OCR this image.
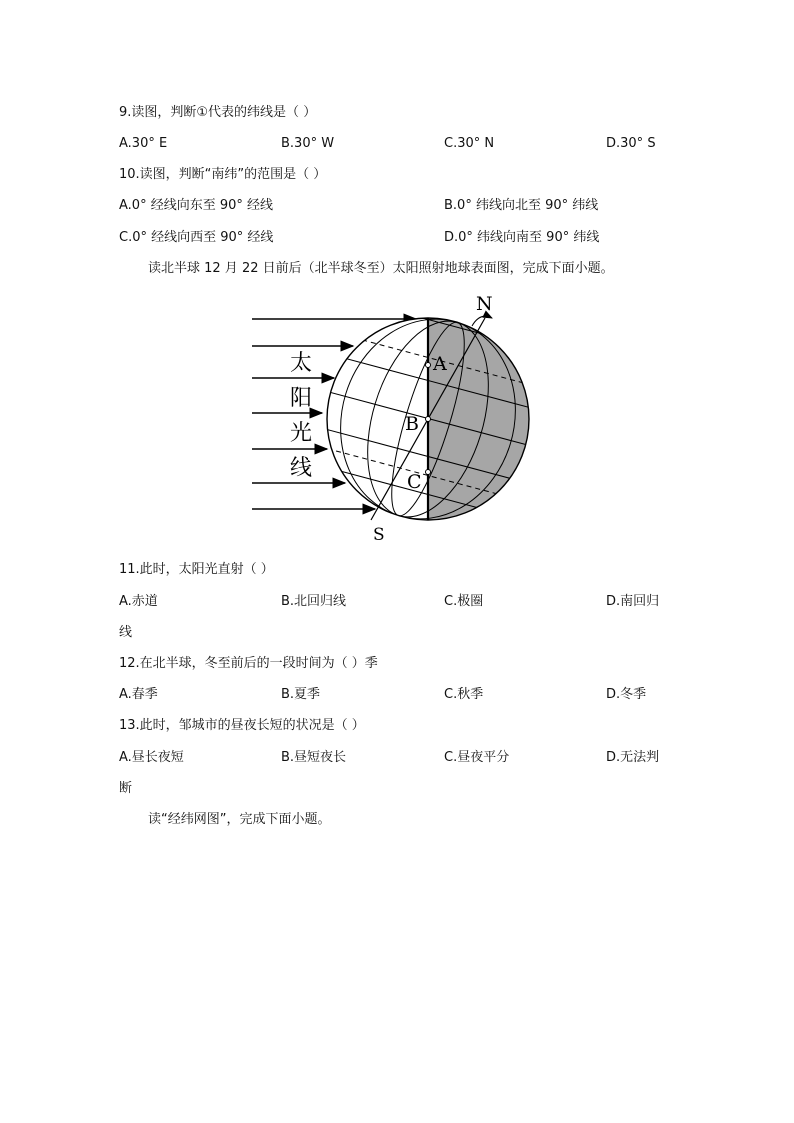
9.读图，判断①代表的纬线是（ ）
A.30° E	B.30° W	C.30° N	D.30° S
10.读图，判断“南纬”的范围是（ ）
A.0° 经线向东至 90° 经线	B.0° 纬线向北至 90° 纬线
C.0° 经线向西至 90° 经线	D.0° 纬线向南至 90° 纬线
读北半球 12 月 22 日前后（北半球冬至）太阳照射地球表面图，完成下面小题。
太
阳
光
线
A
B
C
N
S
11.此时，太阳光直射（ ）
A.赤道	B.北回归线	C.极圈	D.南回归
线
12.在北半球，冬至前后的一段时间为（ ）季
A.春季	B.夏季	C.秋季	D.冬季
13.此时，邹城市的昼夜长短的状况是（ ）
A.昼长夜短	B.昼短夜长	C.昼夜平分	D.无法判
断
读“经纬网图”，完成下面小题。
